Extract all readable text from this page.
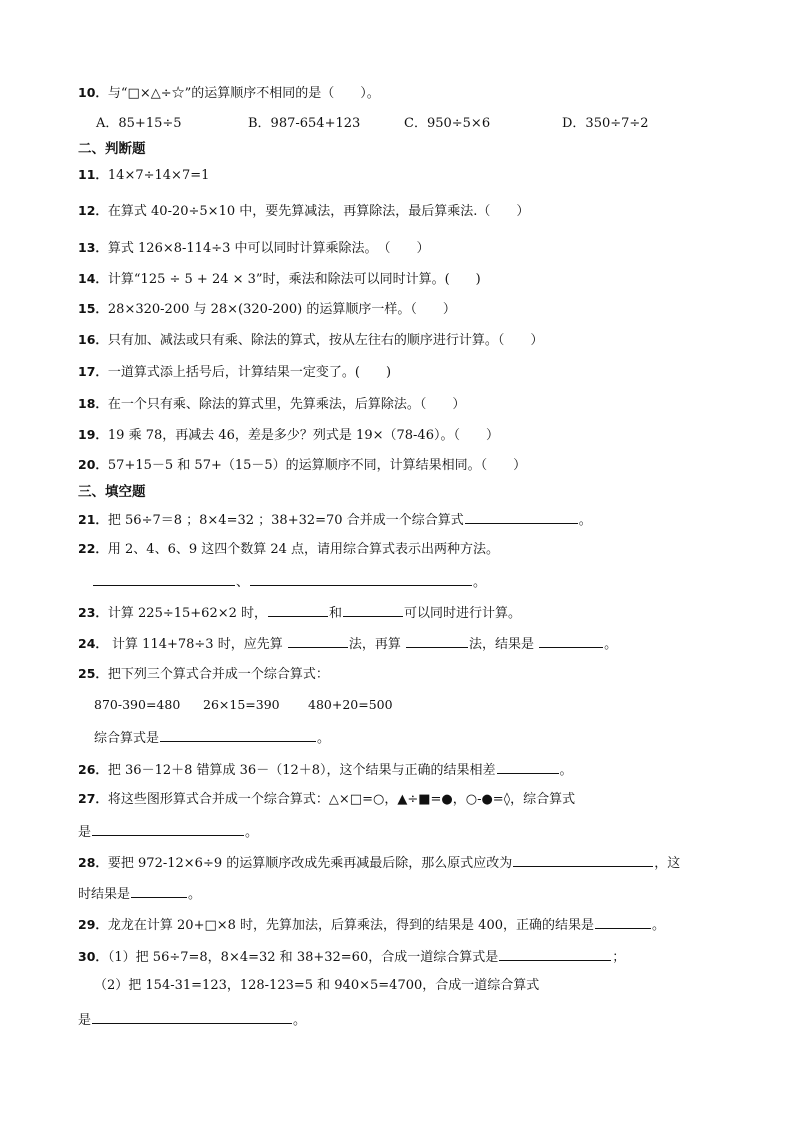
10．与“□×△÷☆”的运算顺序不相同的是（　　）。
A．85+15÷5	B．987-654+123	C．950÷5×6	D．350÷7÷2
二、判断题
11．14×7÷14×7=1
12．在算式 40-20÷5×10 中，要先算减法，再算除法，最后算乘法.（　　）
13．算式 126×8-114÷3 中可以同时计算乘除法。　（　　）
14．计算“125 ÷ 5 + 24 × 3”时，乘法和除法可以同时计算。(　　)
15．28×320-200 与 28×(320-200) 的运算顺序一样。（　　）
16．只有加、减法或只有乘、除法的算式，按从左往右的顺序进行计算。（　　）
17．一道算式添上括号后，计算结果一定变了。(　　)
18．在一个只有乘、除法的算式里，先算乘法，后算除法。（　　）
19．19 乘 78，再减去 46，差是多少？列式是 19×（78-46）。（　　）
20．57+15－5 和 57+（15－5）的运算顺序不同，计算结果相同。（　　）
三、填空题
21．把 56÷7＝8 ；8×4=32 ；38+32=70 合并成一个综合算式	。
22．用 2、4、6、9 这四个数算 24 点，请用综合算式表示出两种方法。
、	。
23．计算 225÷15+62×2 时，	和	可以同时进行计算。
24． 计算 114+78÷3 时，应先算	法，再算	法，结果是	。
25．把下列三个算式合并成一个综合算式：
870-390=480 26×15=390 480+20=500
综合算式是	。
26．把 36－12＋8 错算成 36－（12＋8），这个结果与正确的结果相差	。
27．将这些图形算式合并成一个综合算式：△×□=○，▲÷■=●，○-●=◊，综合算式
是	。
28．要把 972-12×6÷9 的运算顺序改成先乘再减最后除，那么原式应改为	，这
时结果是	。
29．龙龙在计算 20+□×8 时，先算加法，后算乘法，得到的结果是 400，正确的结果是	。
30．（1）把 56÷7=8，8×4=32 和 38+32=60，合成一道综合算式是	；
（2）把 154-31=123，128-123=5 和 940×5=4700，合成一道综合算式
是	。
